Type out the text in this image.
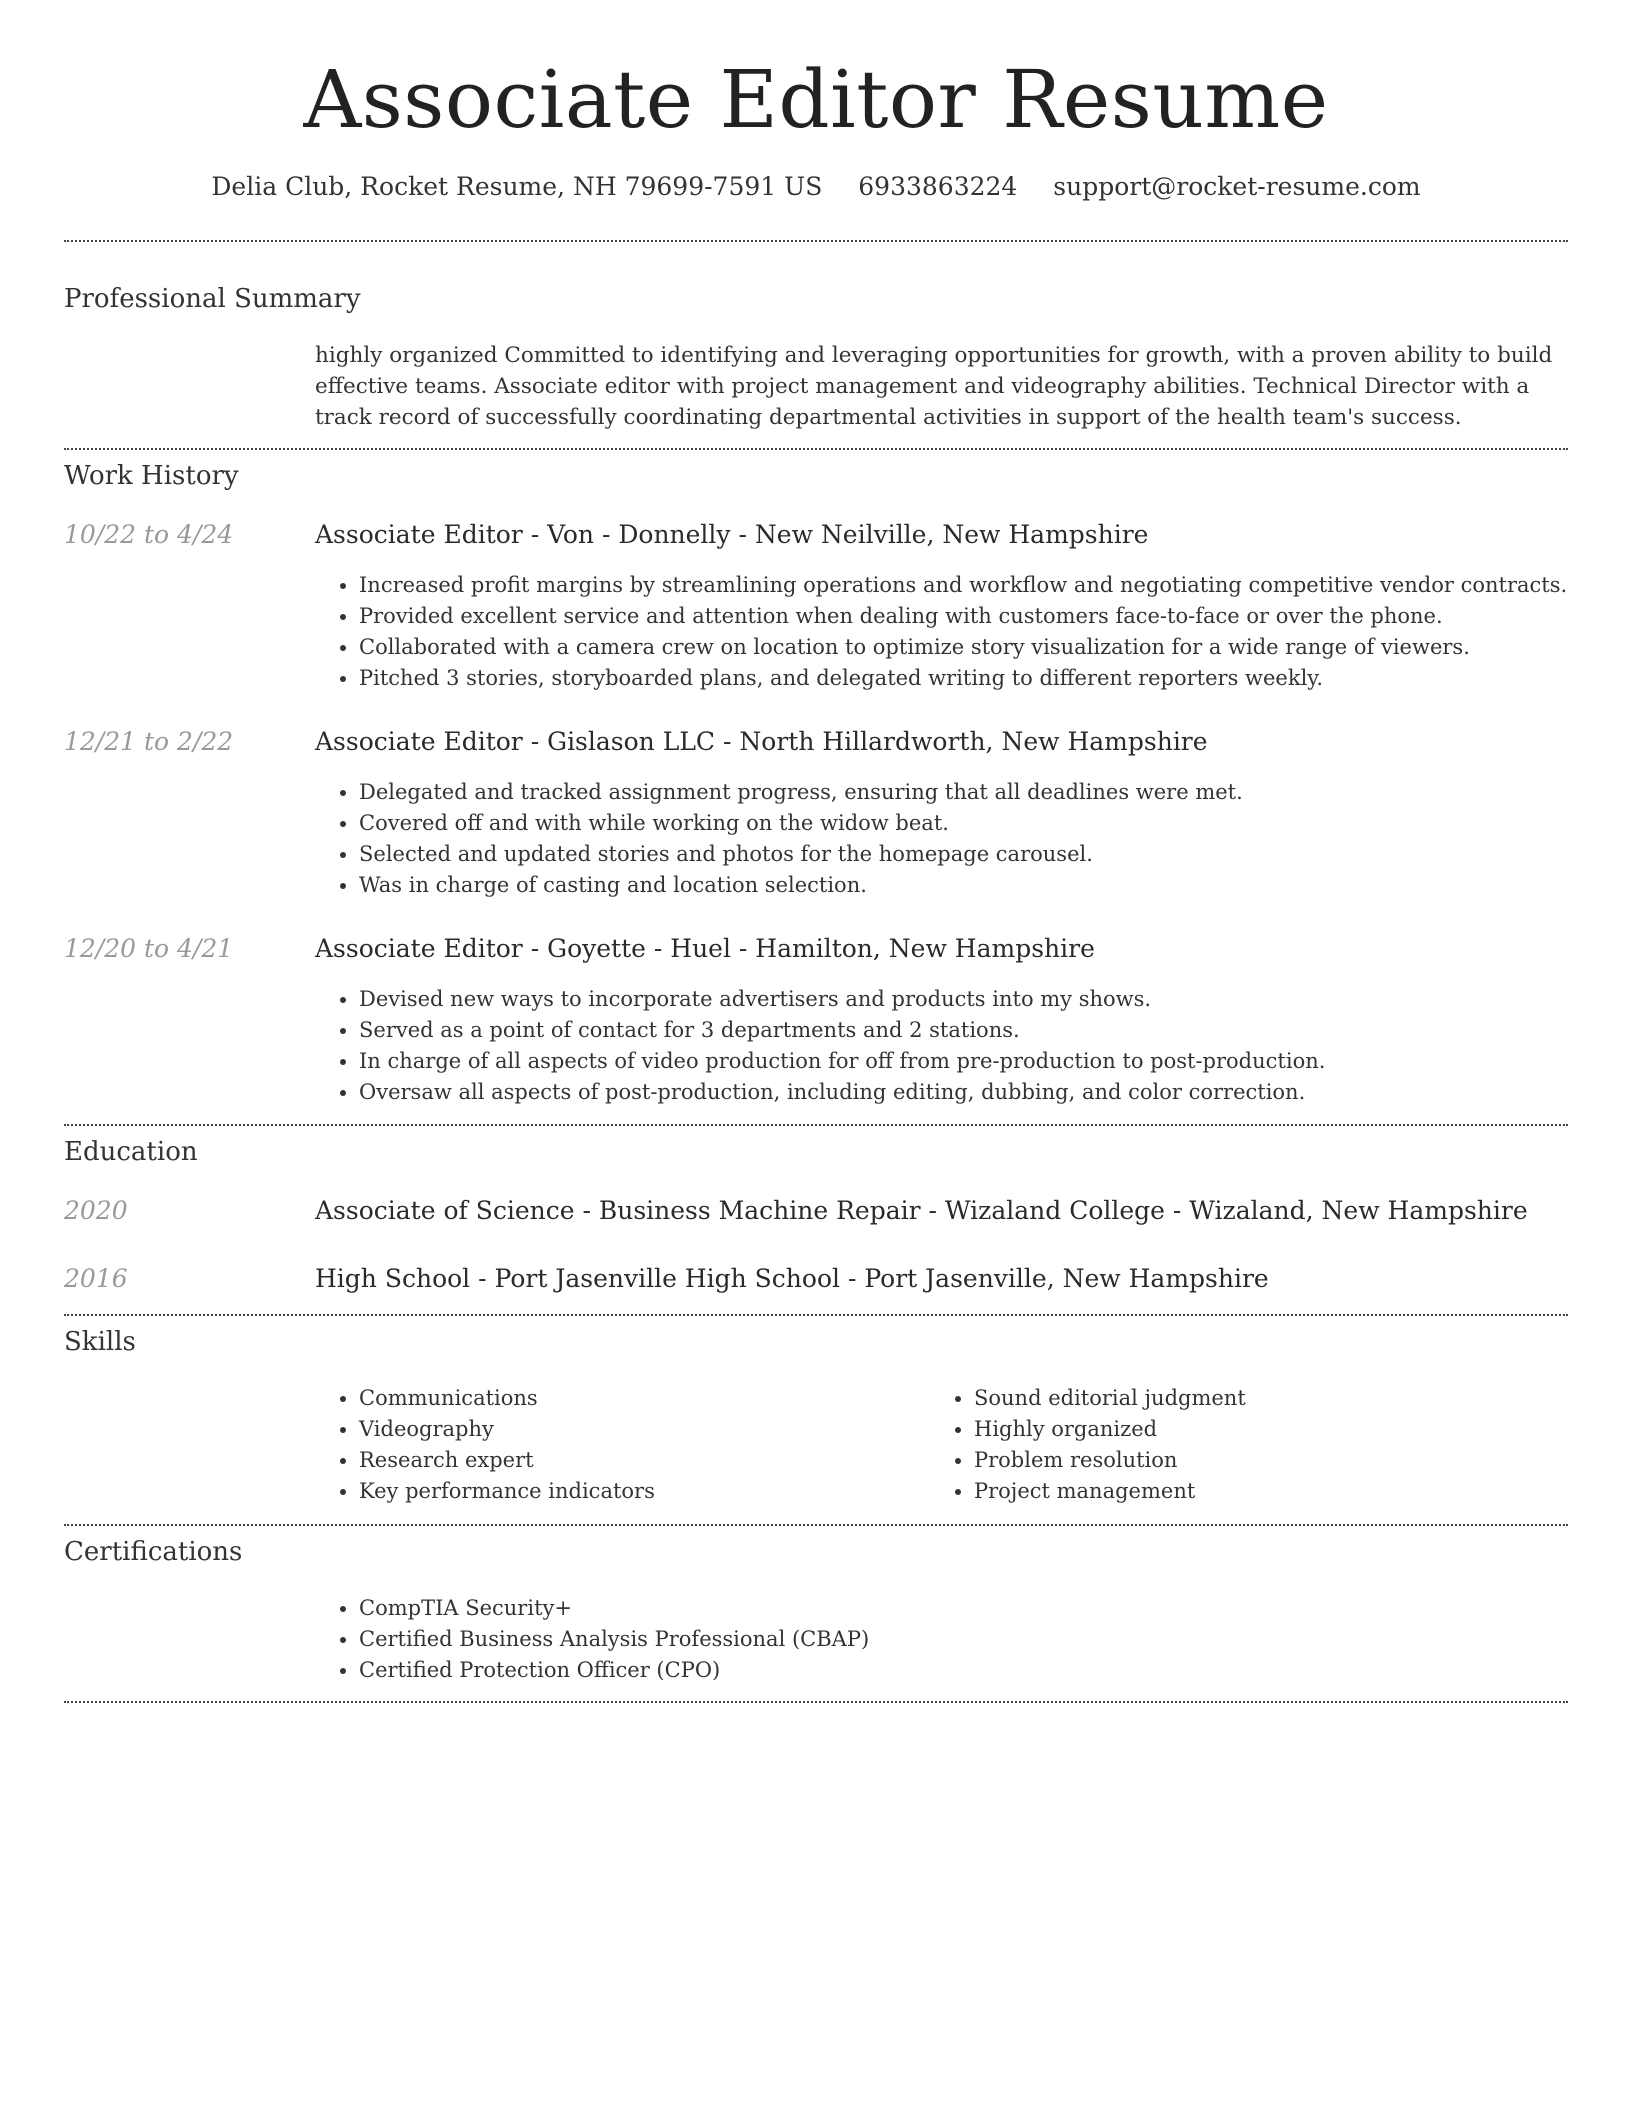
Associate Editor Resume
Delia Club, Rocket Resume, NH 79699-7591 US 6933863224 support@rocket-resume.com
Professional Summary
highly organized Committed to identifying and leveraging opportunities for growth, with a proven ability to build effective teams. Associate editor with project management and videography abilities. Technical Director with a track record of successfully coordinating departmental activities in support of the health team's success.
Work History
10/22 to 4/24	Associate Editor - Von - Donnelly - New Neilville, New Hampshire
• Increased profit margins by streamlining operations and workflow and negotiating competitive vendor contracts.
• Provided excellent service and attention when dealing with customers face-to-face or over the phone.
• Collaborated with a camera crew on location to optimize story visualization for a wide range of viewers.
• Pitched 3 stories, storyboarded plans, and delegated writing to different reporters weekly.
12/21 to 2/22	Associate Editor - Gislason LLC - North Hillardworth, New Hampshire
• Delegated and tracked assignment progress, ensuring that all deadlines were met.
• Covered off and with while working on the widow beat.
• Selected and updated stories and photos for the homepage carousel.
• Was in charge of casting and location selection.
12/20 to 4/21	Associate Editor - Goyette - Huel - Hamilton, New Hampshire
• Devised new ways to incorporate advertisers and products into my shows.
• Served as a point of contact for 3 departments and 2 stations.
• In charge of all aspects of video production for off from pre-production to post-production.
• Oversaw all aspects of post-production, including editing, dubbing, and color correction.
Education
2020	Associate of Science - Business Machine Repair - Wizaland College - Wizaland, New Hampshire
2016	High School - Port Jasenville High School - Port Jasenville, New Hampshire
Skills
• Communications
• Videography
• Research expert
• Key performance indicators
• Sound editorial judgment
• Highly organized
• Problem resolution
• Project management
Certifications
• CompTIA Security+
• Certified Business Analysis Professional (CBAP)
• Certified Protection Officer (CPO)
